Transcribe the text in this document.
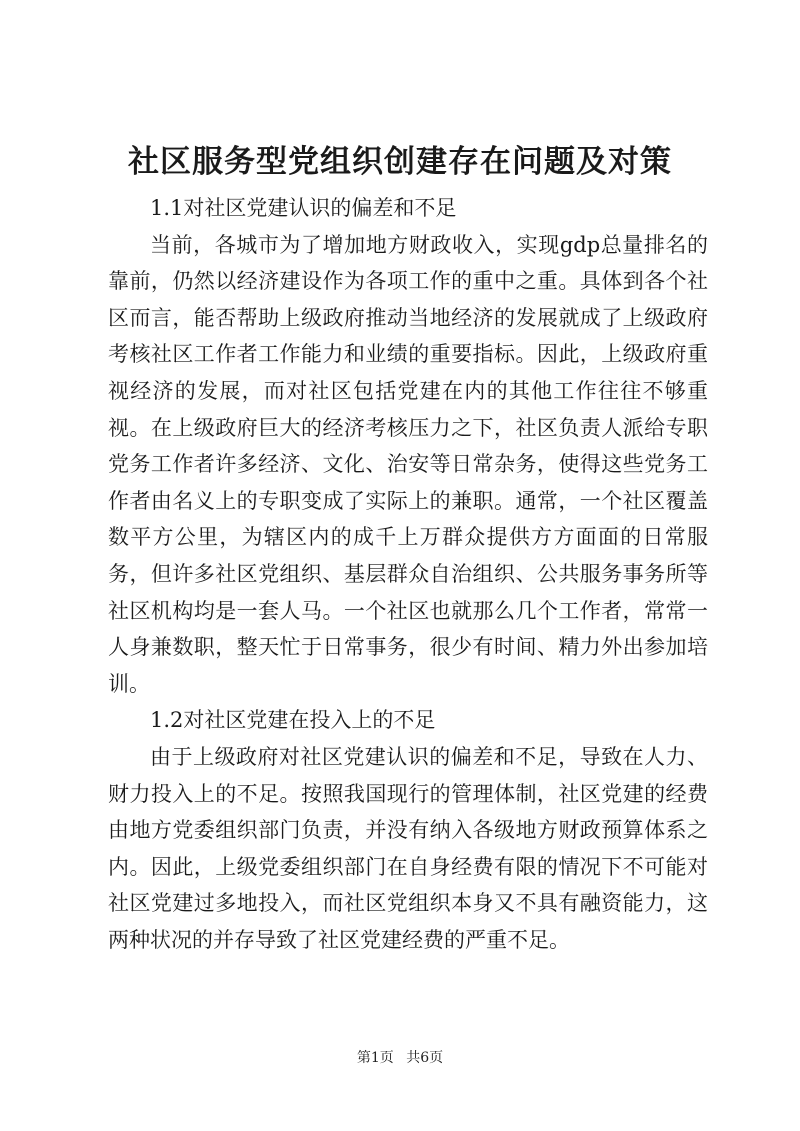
社区服务型党组织创建存在问题及对策

1.1对社区党建认识的偏差和不足

当前，各城市为了增加地方财政收入，实现gdp总量排名的靠前，仍然以经济建设作为各项工作的重中之重。具体到各个社区而言，能否帮助上级政府推动当地经济的发展就成了上级政府考核社区工作者工作能力和业绩的重要指标。因此，上级政府重视经济的发展，而对社区包括党建在内的其他工作往往不够重视。在上级政府巨大的经济考核压力之下，社区负责人派给专职党务工作者许多经济、文化、治安等日常杂务，使得这些党务工作者由名义上的专职变成了实际上的兼职。通常，一个社区覆盖数平方公里，为辖区内的成千上万群众提供方方面面的日常服务，但许多社区党组织、基层群众自治组织、公共服务事务所等社区机构均是一套人马。一个社区也就那么几个工作者，常常一人身兼数职，整天忙于日常事务，很少有时间、精力外出参加培训。

1.2对社区党建在投入上的不足

由于上级政府对社区党建认识的偏差和不足，导致在人力、财力投入上的不足。按照我国现行的管理体制，社区党建的经费由地方党委组织部门负责，并没有纳入各级地方财政预算体系之内。因此，上级党委组织部门在自身经费有限的情况下不可能对社区党建过多地投入，而社区党组织本身又不具有融资能力，这两种状况的并存导致了社区党建经费的严重不足。

第1页 共6页
